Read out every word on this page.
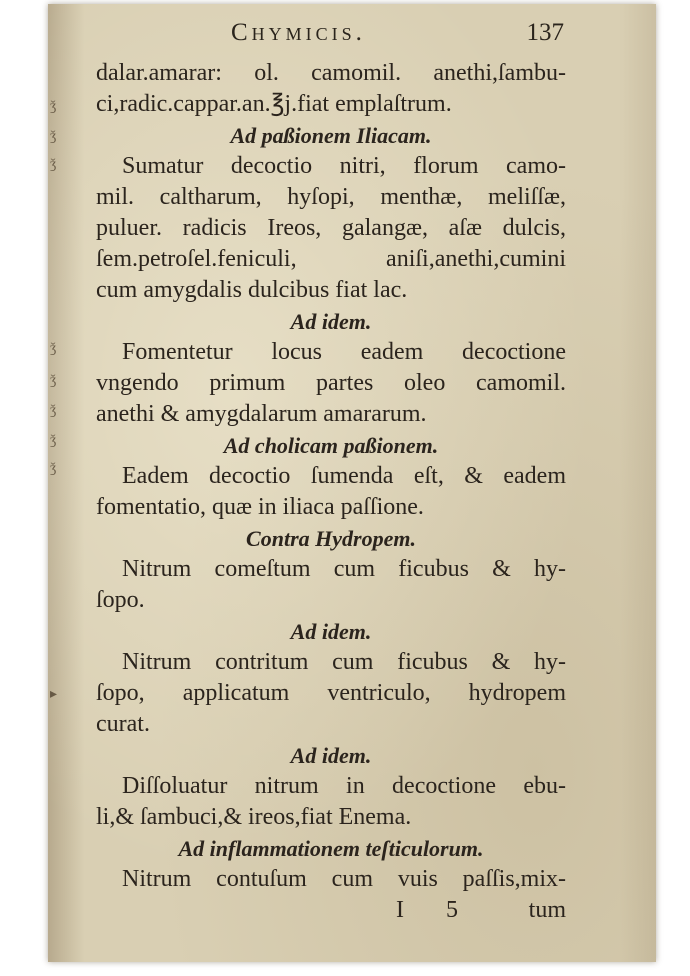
ǯ
ǯ
ǯ
ǯ
ǯ
ǯ
ǯ
ǯ
▸
Chymicis.	137
dalar.amarar: ol. camomil. anethi,ſambu-
ci,radic.cappar.an.℥j.fiat emplaſtrum.
Ad paßionem Iliacam.
Sumatur decoctio nitri, florum camo-
mil. caltharum, hyſopi, menthæ, meliſſæ,
puluer. radicis Ireos, galangæ, aſæ dulcis,
ſem.petroſel.feniculi, aniſi,anethi,cumini
cum amygdalis dulcibus fiat lac.
Ad idem.
Fomentetur locus eadem decoctione
vngendo primum partes oleo camomil.
anethi & amygdalarum amararum.
Ad cholicam paßionem.
Eadem decoctio ſumenda eſt, & eadem
fomentatio, quæ in iliaca paſſione.
Contra Hydropem.
Nitrum comeſtum cum ficubus & hy-
ſopo.
Ad idem.
Nitrum contritum cum ficubus & hy-
ſopo, applicatum ventriculo, hydropem
curat.
Ad idem.
Diſſoluatur nitrum in decoctione ebu-
li,& ſambuci,& ireos,fiat Enema.
Ad inflammationem teſticulorum.
Nitrum contuſum cum vuis paſſis,mix-
I 5 tum
